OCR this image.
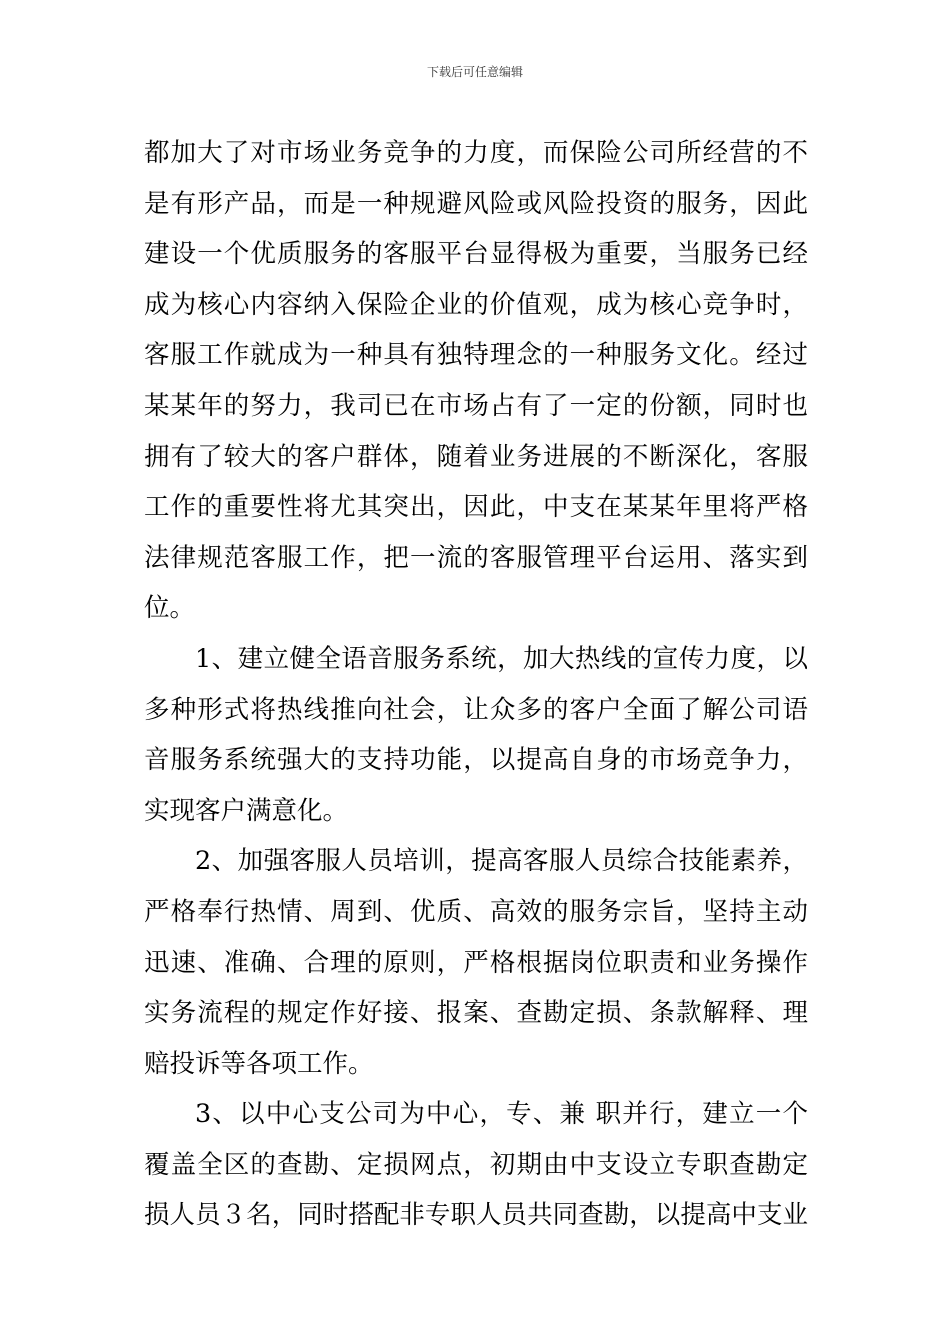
下载后可任意编辑
都加大了对市场业务竞争的力度，而保险公司所经营的不
是有形产品，而是一种规避风险或风险投资的服务，因此
建设一个优质服务的客服平台显得极为重要，当服务已经
成为核心内容纳入保险企业的价值观，成为核心竞争时，
客服工作就成为一种具有独特理念的一种服务文化。经过
某某年的努力，我司已在市场占有了一定的份额，同时也
拥有了较大的客户群体，随着业务进展的不断深化，客服
工作的重要性将尤其突出，因此，中支在某某年里将严格
法律规范客服工作，把一流的客服管理平台运用、落实到
位。
1、建立健全语音服务系统，加大热线的宣传力度，以
多种形式将热线推向社会，让众多的客户全面了解公司语
音服务系统强大的支持功能，以提高自身的市场竞争力，
实现客户满意化。
2、加强客服人员培训，提高客服人员综合技能素养，
严格奉行热情、周到、优质、高效的服务宗旨，坚持主动
迅速、准确、合理的原则，严格根据岗位职责和业务操作
实务流程的规定作好接、报案、查勘定损、条款解释、理
赔投诉等各项工作。
3、以中心支公司为中心，专、兼 职并行，建立一个
覆盖全区的查勘、定损网点，初期由中支设立专职查勘定
损人员３名，同时搭配非专职人员共同查勘，以提高中支业
